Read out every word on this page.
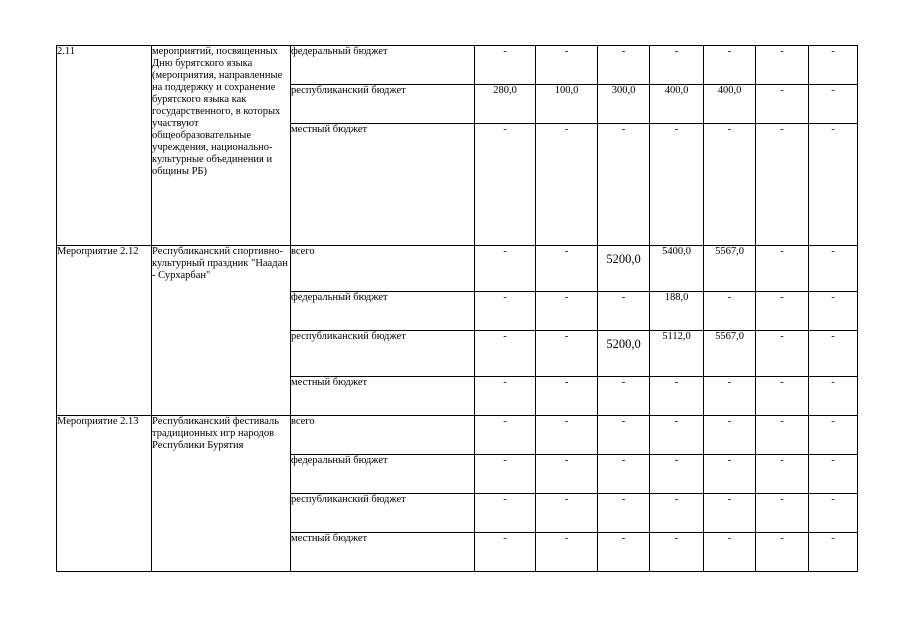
2.11	мероприятий, посвященных Дню бурятского языка (мероприятия, направленные на поддержку и сохранение бурятского языка как государственного, в которых участвуют общеобразовательные учреждения, национально-культурные объединения и общины РБ)	федеральный бюджет	-	-	-	-	-	-	-
		республиканский бюджет	280,0	100,0	300,0	400,0	400,0	-	-
		местный бюджет	-	-	-	-	-	-	-
Мероприятие 2.12	Республиканский спортивно-культурный праздник "Наадан - Сурхарбан"	всего	-	-	5200,0	5400,0	5567,0	-	-
		федеральный бюджет	-	-	-	188,0	-	-	-
		республиканский бюджет	-	-	5200,0	5112,0	5567,0	-	-
		местный бюджет	-	-	-	-	-	-	-
Мероприятие 2.13	Республиканский фестиваль традиционных игр народов Республики Бурятия	всего	-	-	-	-	-	-	-
		федеральный бюджет	-	-	-	-	-	-	-
		республиканский бюджет	-	-	-	-	-	-	-
		местный бюджет	-	-	-	-	-	-	-
